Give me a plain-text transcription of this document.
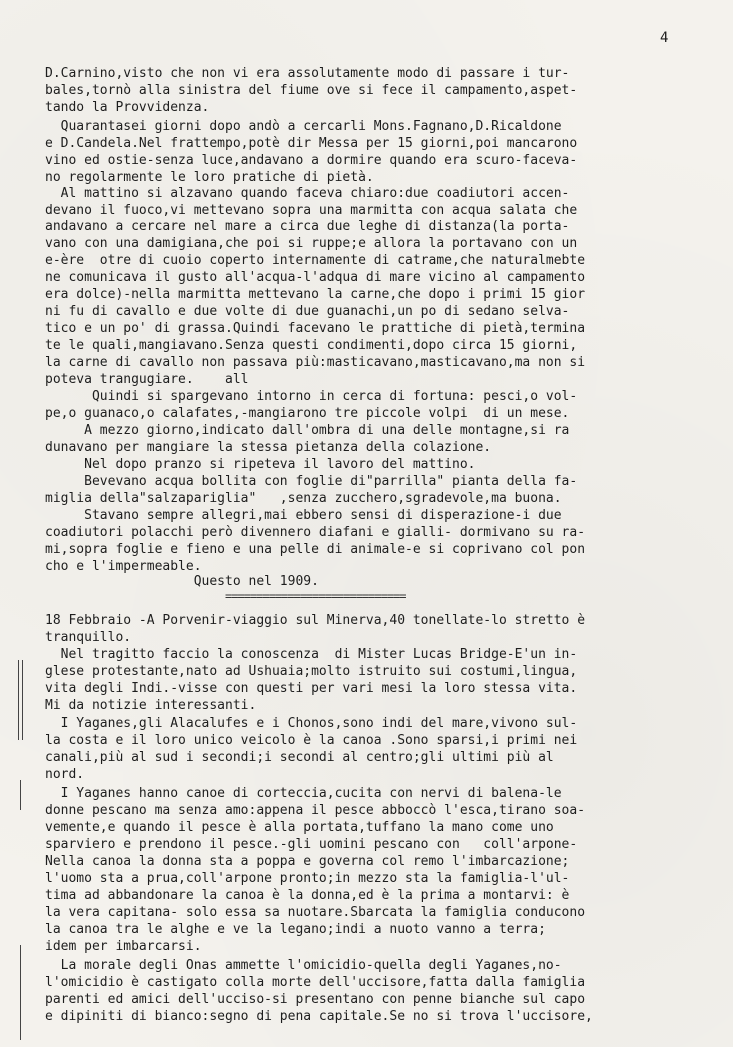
4
D.Carnino,visto che non vi era assolutamente modo di passare i tur-
bales,tornò alla sinistra del fiume ove si fece il campamento,aspet-
tando la Provvidenza.
Quarantasei giorni dopo andò a cercarli Mons.Fagnano,D.Ricaldone
e D.Candela.Nel frattempo,potè dir Messa per 15 giorni,poi mancarono
vino ed ostie-senza luce,andavano a dormire quando era scuro-faceva-
no regolarmente le loro pratiche di pietà.
Al mattino si alzavano quando faceva chiaro:due coadiutori accen-
devano il fuoco,vi mettevano sopra una marmitta con acqua salata che
andavano a cercare nel mare a circa due leghe di distanza(la porta-
vano con una damigiana,che poi si ruppe;e allora la portavano con un
e-ère  otre di cuoio coperto internamente di catrame,che naturalmebte
ne comunicava il gusto all'acqua-l'adqua di mare vicino al campamento
era dolce)-nella marmitta mettevano la carne,che dopo i primi 15 gior
ni fu di cavallo e due volte di due guanachi,un po di sedano selva-
tico e un po' di grassa.Quindi facevano le prattiche di pietà,termina
te le quali,mangiavano.Senza questi condimenti,dopo circa 15 giorni,
la carne di cavallo non passava più:masticavano,masticavano,ma non si
poteva trangugiare.    all
Quindi si spargevano intorno in cerca di fortuna: pesci,o vol-
pe,o guanaco,o calafates,-mangiarono tre piccole volpi  di un mese.
A mezzo giorno,indicato dall'ombra di una delle montagne,si ra
dunavano per mangiare la stessa pietanza della colazione.
Nel dopo pranzo si ripeteva il lavoro del mattino.
Bevevano acqua bollita con foglie di"parrilla" pianta della fa-
miglia della"salzapariglia"   ,senza zucchero,sgradevole,ma buona.
Stavano sempre allegri,mai ebbero sensi di disperazione-i due
coadiutori polacchi però divennero diafani e gialli- dormivano su ra-
mi,sopra foglie e fieno e una pelle di animale-e si coprivano col pon
cho e l'impermeable.
Questo nel 1909.
=============================
18 Febbraio -A Porvenir-viaggio sul Minerva,40 tonellate-lo stretto è
tranquillo.
Nel tragitto faccio la conoscenza  di Mister Lucas Bridge-E'un in-
glese protestante,nato ad Ushuaia;molto istruito sui costumi,lingua,
vita degli Indi.-visse con questi per vari mesi la loro stessa vita.
Mi da notizie interessanti.
I Yaganes,gli Alacalufes e i Chonos,sono indi del mare,vivono sul-
la costa e il loro unico veicolo è la canoa .Sono sparsi,i primi nei
canali,più al sud i secondi;i secondi al centro;gli ultimi più al
nord.
I Yaganes hanno canoe di corteccia,cucita con nervi di balena-le
donne pescano ma senza amo:appena il pesce abboccò l'esca,tirano soa-
vemente,e quando il pesce è alla portata,tuffano la mano come uno
sparviero e prendono il pesce.-gli uomini pescano con   coll'arpone-
Nella canoa la donna sta a poppa e governa col remo l'imbarcazione;
l'uomo sta a prua,coll'arpone pronto;in mezzo sta la famiglia-l'ul-
tima ad abbandonare la canoa è la donna,ed è la prima a montarvi: è
la vera capitana- solo essa sa nuotare.Sbarcata la famiglia conducono
la canoa tra le alghe e ve la legano;indi a nuoto vanno a terra;
idem per imbarcarsi.
La morale degli Onas ammette l'omicidio-quella degli Yaganes,no-
l'omicidio è castigato colla morte dell'uccisore,fatta dalla famiglia
parenti ed amici dell'ucciso-si presentano con penne bianche sul capo
e dipiniti di bianco:segno di pena capitale.Se no si trova l'uccisore,
